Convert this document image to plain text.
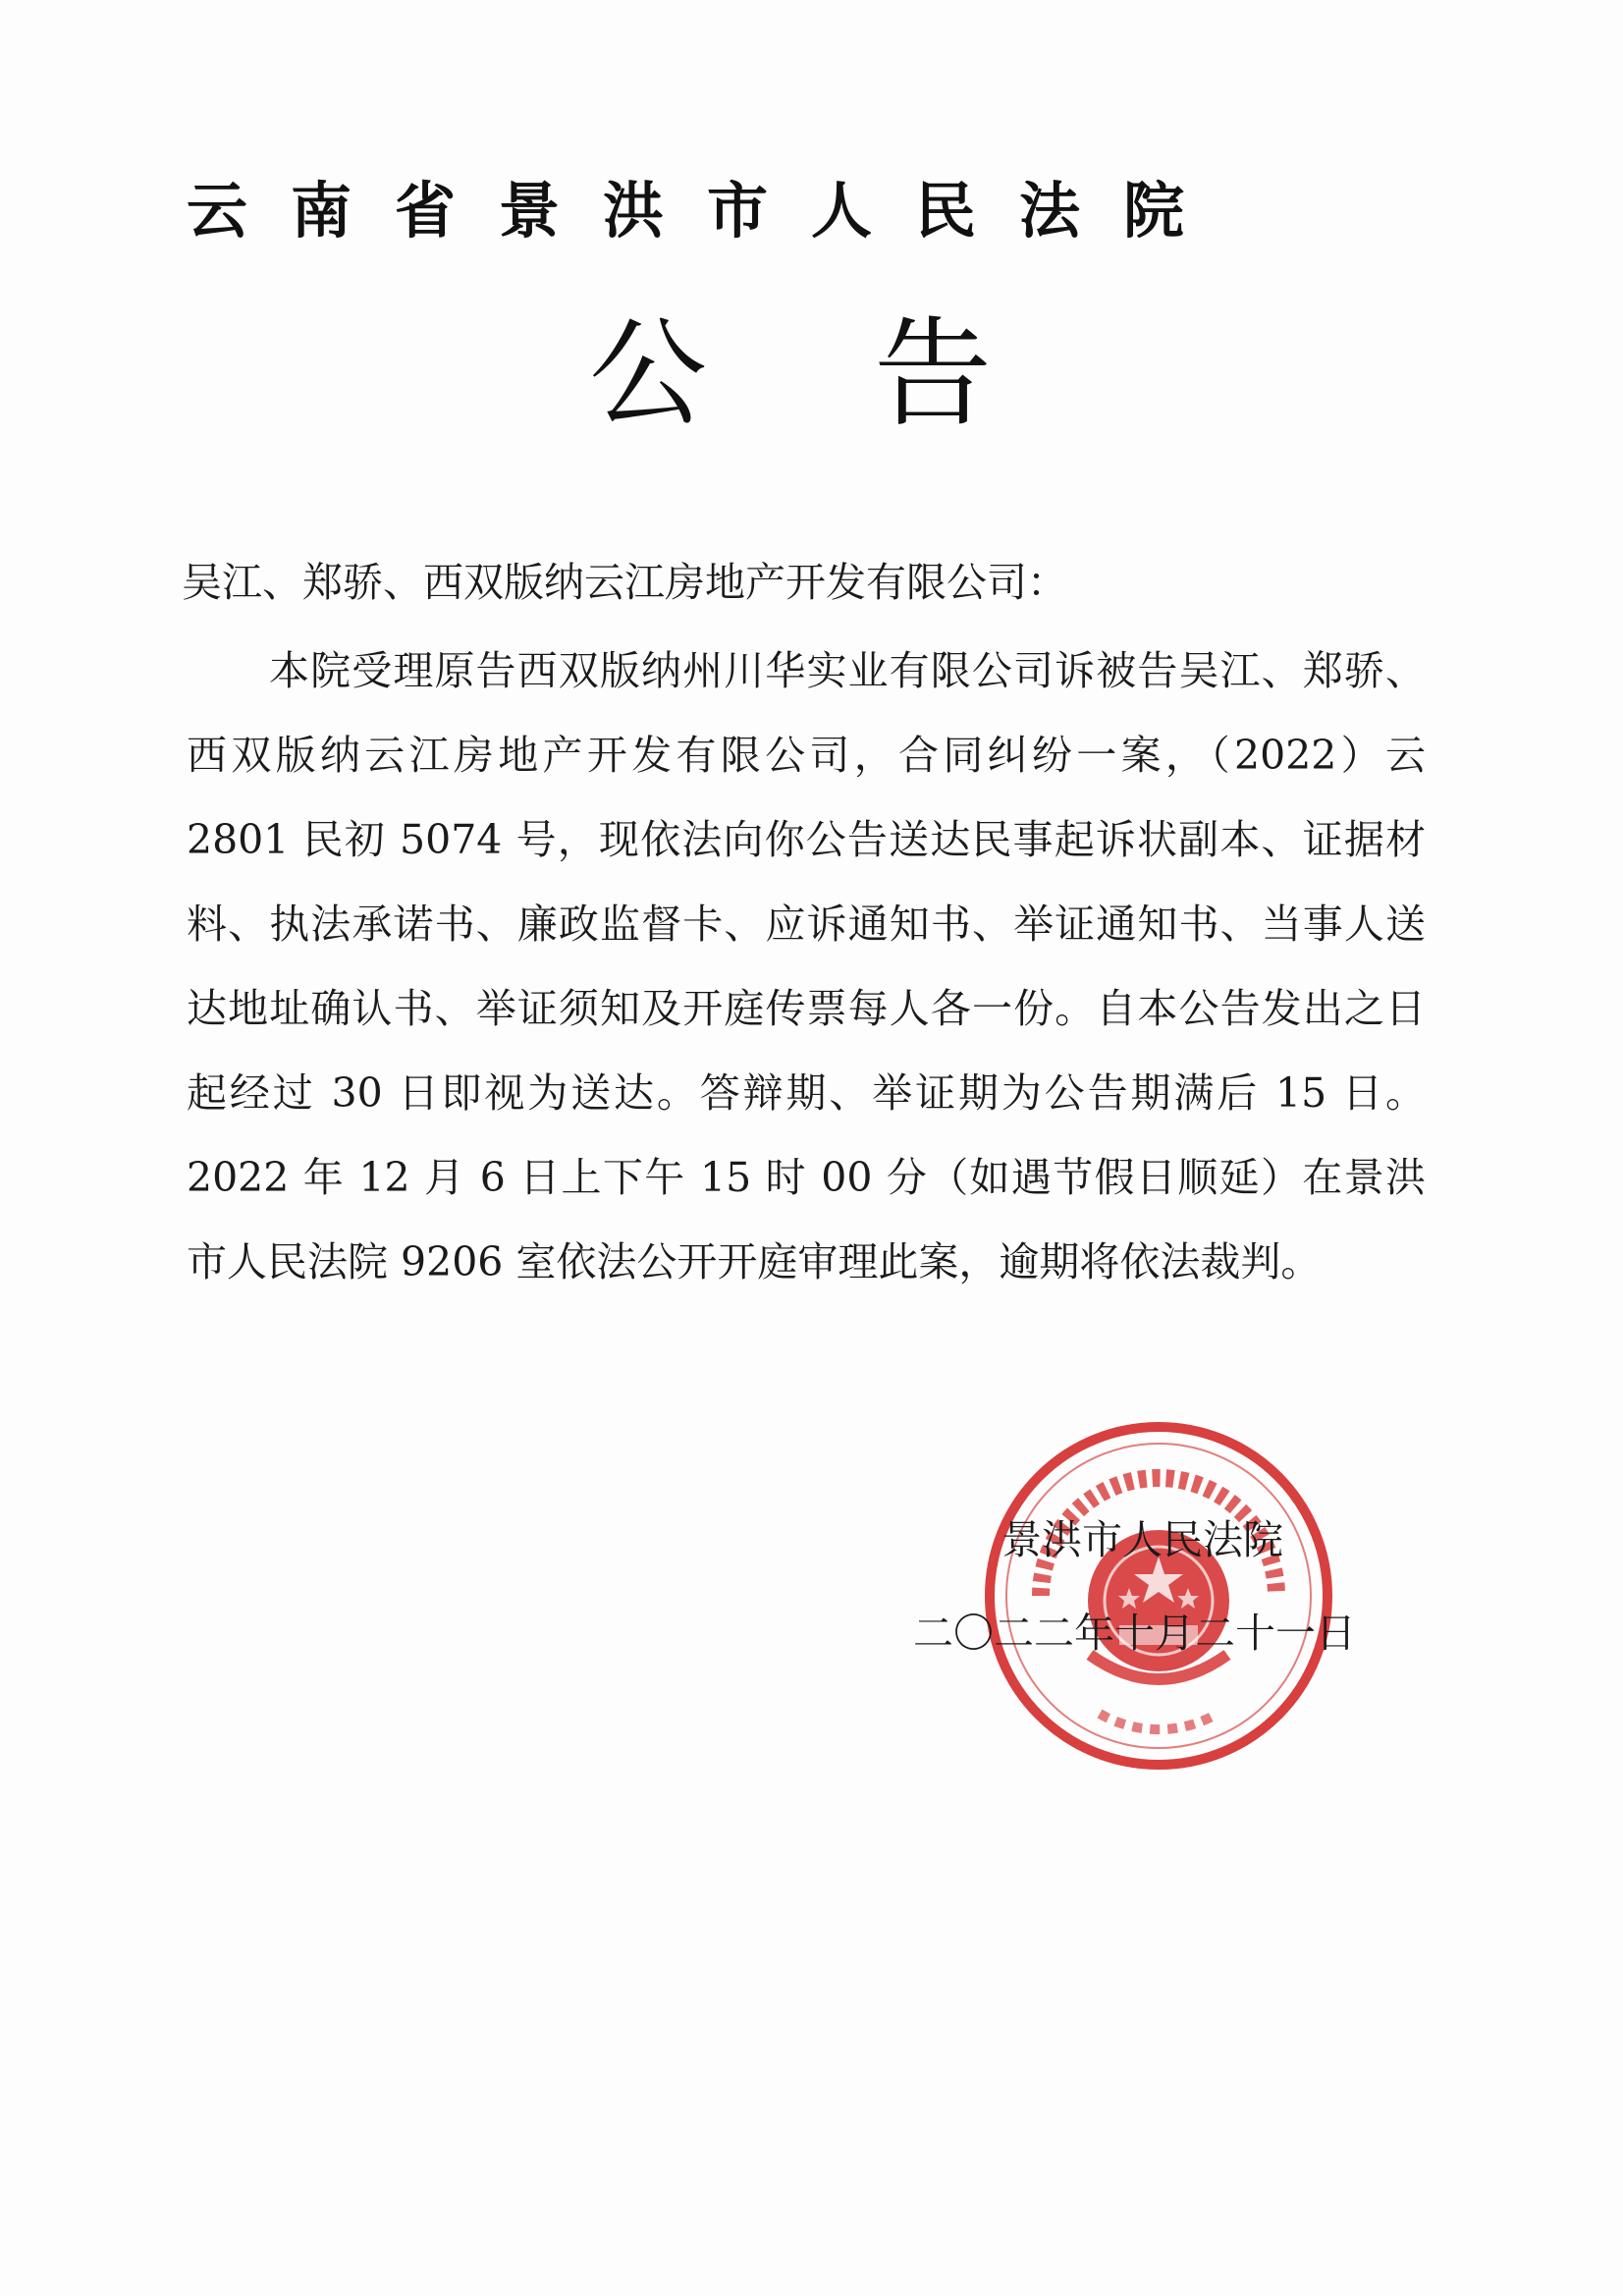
云南省景洪市人民法院
公告
吴江、郑骄、西双版纳云江房地产开发有限公司：

本院受理原告西双版纳州川华实业有限公司诉被告吴江、郑骄、西双版纳云江房地产开发有限公司，合同纠纷一案，（2022）云 2801 民初 5074 号，现依法向你公告送达民事起诉状副本、证据材料、执法承诺书、廉政监督卡、应诉通知书、举证通知书、当事人送达地址确认书、举证须知及开庭传票每人各一份。自本公告发出之日起经过 30 日即视为送达。答辩期、举证期为公告期满后 15 日。2022 年 12 月 6 日上下午 15 时 00 分（如遇节假日顺延）在景洪市人民法院 9206 室依法公开开庭审理此案，逾期将依法裁判。

景洪市人民法院
二〇二二年十月二十一日
